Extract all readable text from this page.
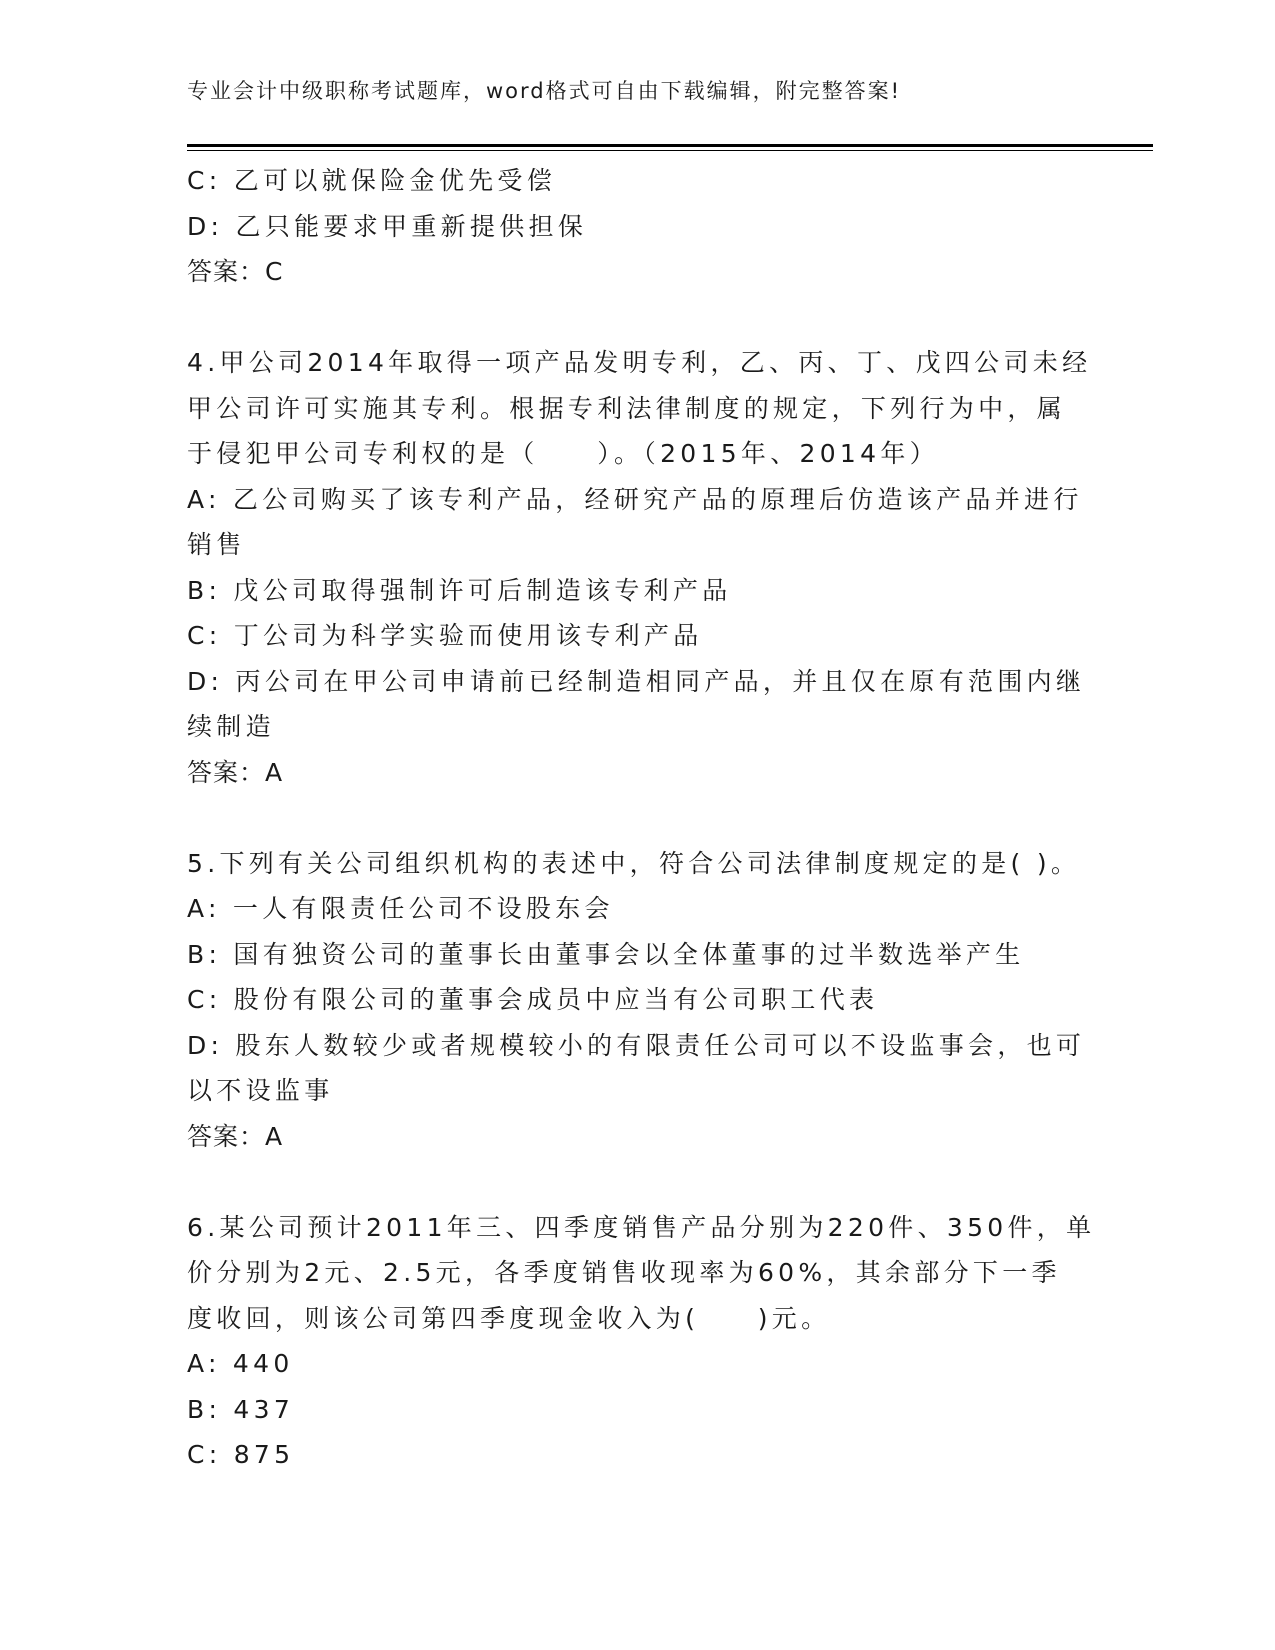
专业会计中级职称考试题库，word格式可自由下载编辑，附完整答案!
C: 乙可以就保险金优先受偿
D: 乙只能要求甲重新提供担保
答案：C
4.甲公司2014年取得一项产品发明专利，乙、丙、丁、戊四公司未经
甲公司许可实施其专利。根据专利法律制度的规定，下列行为中，属
于侵犯甲公司专利权的是（　　）。（2015年、2014年）
A: 乙公司购买了该专利产品，经研究产品的原理后仿造该产品并进行
销售
B: 戊公司取得强制许可后制造该专利产品
C: 丁公司为科学实验而使用该专利产品
D: 丙公司在甲公司申请前已经制造相同产品，并且仅在原有范围内继
续制造
答案：A
5.下列有关公司组织机构的表述中，符合公司法律制度规定的是( )。
A: 一人有限责任公司不设股东会
B: 国有独资公司的董事长由董事会以全体董事的过半数选举产生
C: 股份有限公司的董事会成员中应当有公司职工代表
D: 股东人数较少或者规模较小的有限责任公司可以不设监事会，也可
以不设监事
答案：A
6.某公司预计2011年三、四季度销售产品分别为220件、350件，单
价分别为2元、2.5元，各季度销售收现率为60%，其余部分下一季
度收回，则该公司第四季度现金收入为(　　)元。
A: 440
B: 437
C: 875
